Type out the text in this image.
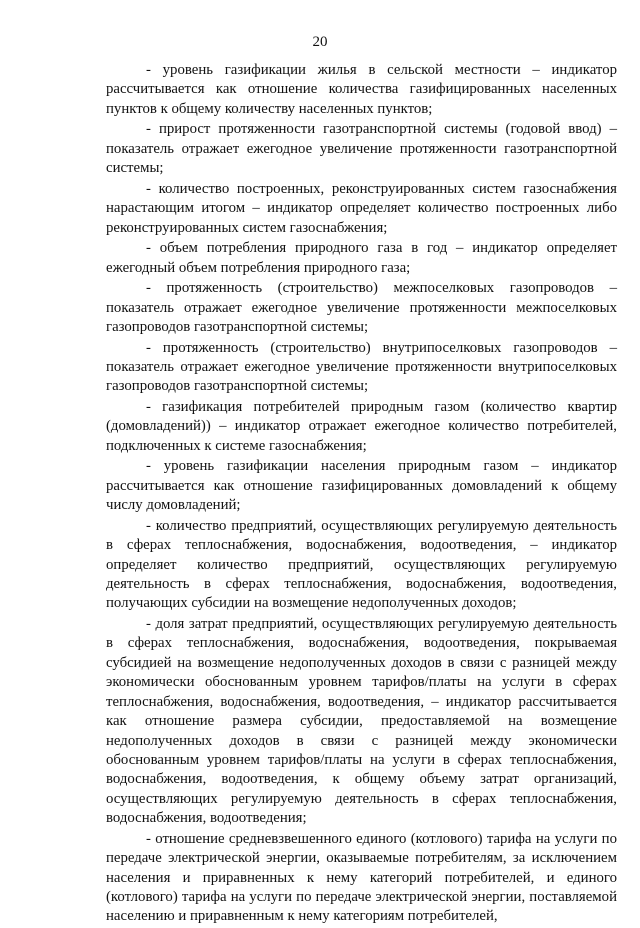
20

- уровень газификации жилья в сельской местности – индикатор рассчитывается как отношение количества газифицированных населенных пунктов к общему количеству населенных пунктов;

- прирост протяженности газотранспортной системы (годовой ввод) – показатель отражает ежегодное увеличение протяженности газотранспортной системы;

- количество построенных, реконструированных систем газоснабжения нарастающим итогом – индикатор определяет количество построенных либо реконструированных систем газоснабжения;

- объем потребления природного газа в год – индикатор определяет ежегодный объем потребления природного газа;

- протяженность (строительство) межпоселковых газопроводов – показатель отражает ежегодное увеличение протяженности межпоселковых газопроводов газотранспортной системы;

- протяженность (строительство) внутрипоселковых газопроводов – показатель отражает ежегодное увеличение протяженности внутрипоселковых газопроводов газотранспортной системы;

- газификация потребителей природным газом (количество квартир (домовладений)) – индикатор отражает ежегодное количество потребителей, подключенных к системе газоснабжения;

- уровень газификации населения природным газом – индикатор рассчитывается как отношение газифицированных домовладений к общему числу домовладений;

- количество предприятий, осуществляющих регулируемую деятельность в сферах теплоснабжения, водоснабжения, водоотведения, – индикатор определяет количество предприятий, осуществляющих регулируемую деятельность в сферах теплоснабжения, водоснабжения, водоотведения, получающих субсидии на возмещение недополученных доходов;

- доля затрат предприятий, осуществляющих регулируемую деятельность в сферах теплоснабжения, водоснабжения, водоотведения, покрываемая субсидией на возмещение недополученных доходов в связи с разницей между экономически обоснованным уровнем тарифов/платы на услуги в сферах теплоснабжения, водоснабжения, водоотведения, – индикатор рассчитывается как отношение размера субсидии, предоставляемой на возмещение недополученных доходов в связи с разницей между экономически обоснованным уровнем тарифов/платы на услуги в сферах теплоснабжения, водоснабжения, водоотведения, к общему объему затрат организаций, осуществляющих регулируемую деятельность в сферах теплоснабжения, водоснабжения, водоотведения;

- отношение средневзвешенного единого (котлового) тарифа на услуги по передаче электрической энергии, оказываемые потребителям, за исключением населения и приравненных к нему категорий потребителей, и единого (котлового) тарифа на услуги по передаче электрической энергии, поставляемой населению и приравненным к нему категориям потребителей,
